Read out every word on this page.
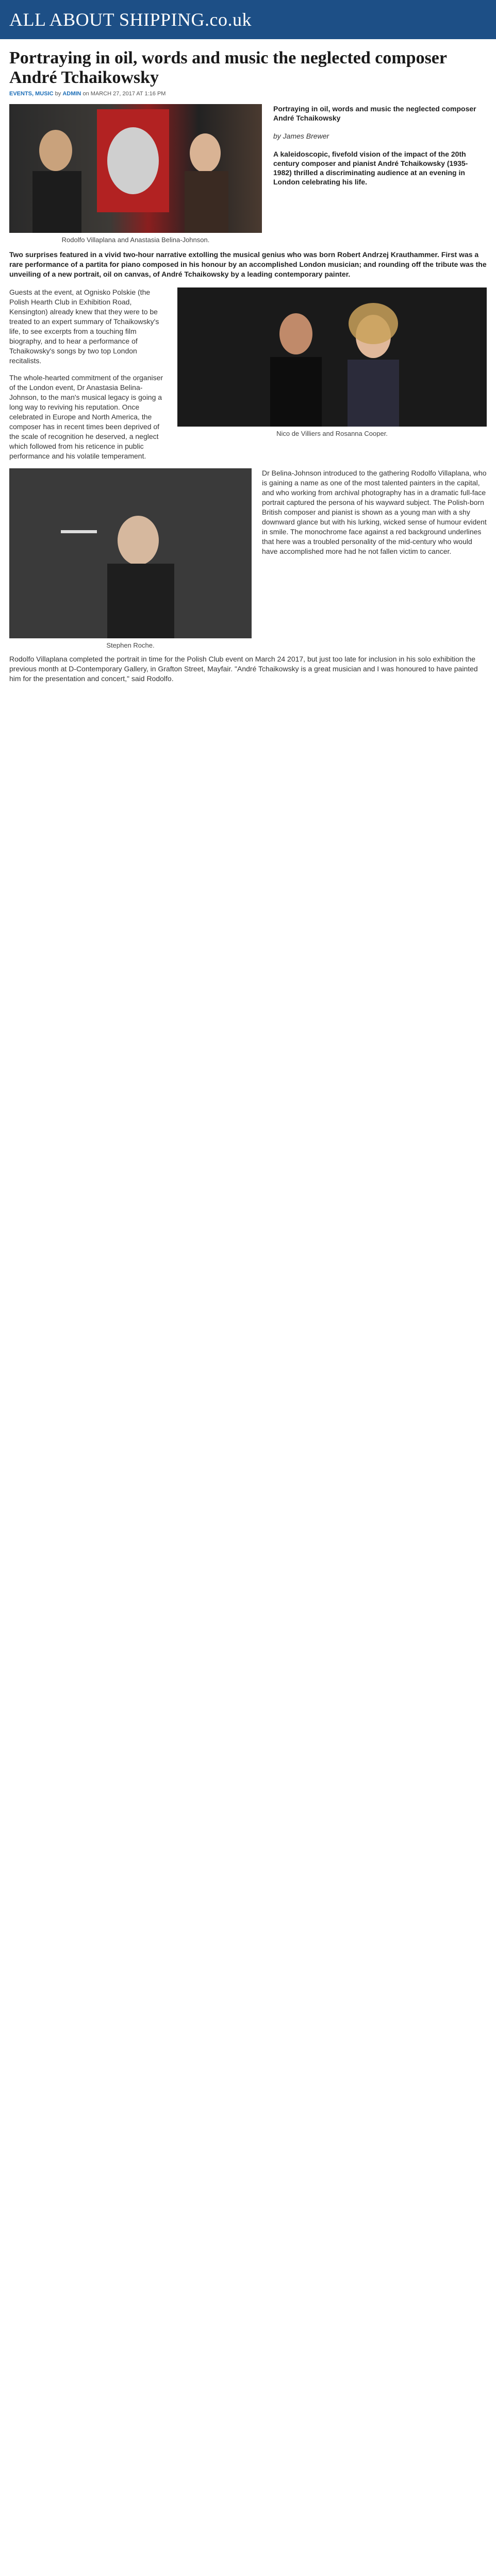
ALL ABOUT SHIPPING.co.uk
Portraying in oil, words and music the neglected composer André Tchaikowsky
EVENTS, MUSIC by ADMIN on MARCH 27, 2017 AT 1:16 PM
Rodolfo Villaplana and Anastasia Belina-Johnson.
Portraying in oil, words and music the neglected composer André Tchaikowsky
by James Brewer
A kaleidoscopic, fivefold vision of the impact of the 20th century composer and pianist André Tchaikowsky (1935-1982) thrilled a discriminating audience at an evening in London celebrating his life.
Two surprises featured in a vivid two-hour narrative extolling the musical genius who was born Robert Andrzej Krauthammer. First was a rare performance of a partita for piano composed in his honour by an accomplished London musician; and rounding off the tribute was the unveiling of a new portrait, oil on canvas, of André Tchaikowsky by a leading contemporary painter.
Nico de Villiers and Rosanna Cooper.

Guests at the event, at Ognisko Polskie (the Polish Hearth Club in Exhibition Road, Kensington) already knew that they were to be treated to an expert summary of Tchaikowsky's life, to see excerpts from a touching film biography, and to hear a performance of Tchaikowsky's songs by two top London recitalists.

The whole-hearted commitment of the organiser of the London event, Dr Anastasia Belina-Johnson, to the man's musical legacy is going a long way to reviving his reputation. Once celebrated in Europe and North America, the composer has in recent times been deprived of the scale of recognition he deserved, a neglect which followed from his reticence in public performance and his volatile temperament.

Stephen Roche.

Dr Belina-Johnson introduced to the gathering Rodolfo Villaplana, who is gaining a name as one of the most talented painters in the capital, and who working from archival photography has in a dramatic full-face portrait captured the persona of his wayward subject. The Polish-born British composer and pianist is shown as a young man with a shy downward glance but with his lurking, wicked sense of humour evident in smile. The monochrome face against a red background underlines that here was a troubled personality of the mid-century who would have accomplished more had he not fallen victim to cancer.

Rodolfo Villaplana completed the portrait in time for the Polish Club event on March 24 2017, but just too late for inclusion in his solo exhibition the previous month at D-Contemporary Gallery, in Grafton Street, Mayfair. "André Tchaikowsky is a great musician and I was honoured to have painted him for the presentation and concert," said Rodolfo.
